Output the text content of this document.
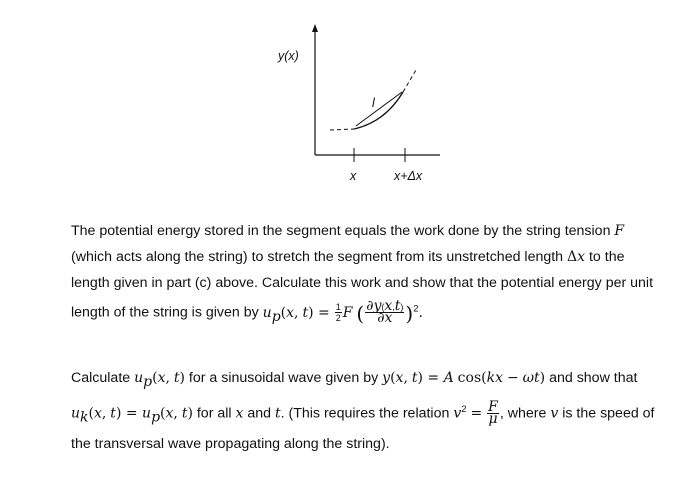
y(x)
l
x	x+Δx

The potential energy stored in the segment equals the work done by the string tension F (which acts along the string) to stretch the segment from its unstretched length Δx to the length given in part (c) above. Calculate this work and show that the potential energy per unit length of the string is given by $u_p(x$, $t) = \frac{1}{2}$ F ( $\frac{\partial y(x,t)}{\partial x} )^2$.

Calculate $u_p(x$, t) for a sinusoidal wave given by y(x, t) = A cos(kx − ωt) and show that $u_k(x$, $t) = u_p(x$, t) for all x and t. (This requires the relation $v^2 = \frac{F}{\mu}$ , where v is the speed of the transversal wave propagating along the string).
